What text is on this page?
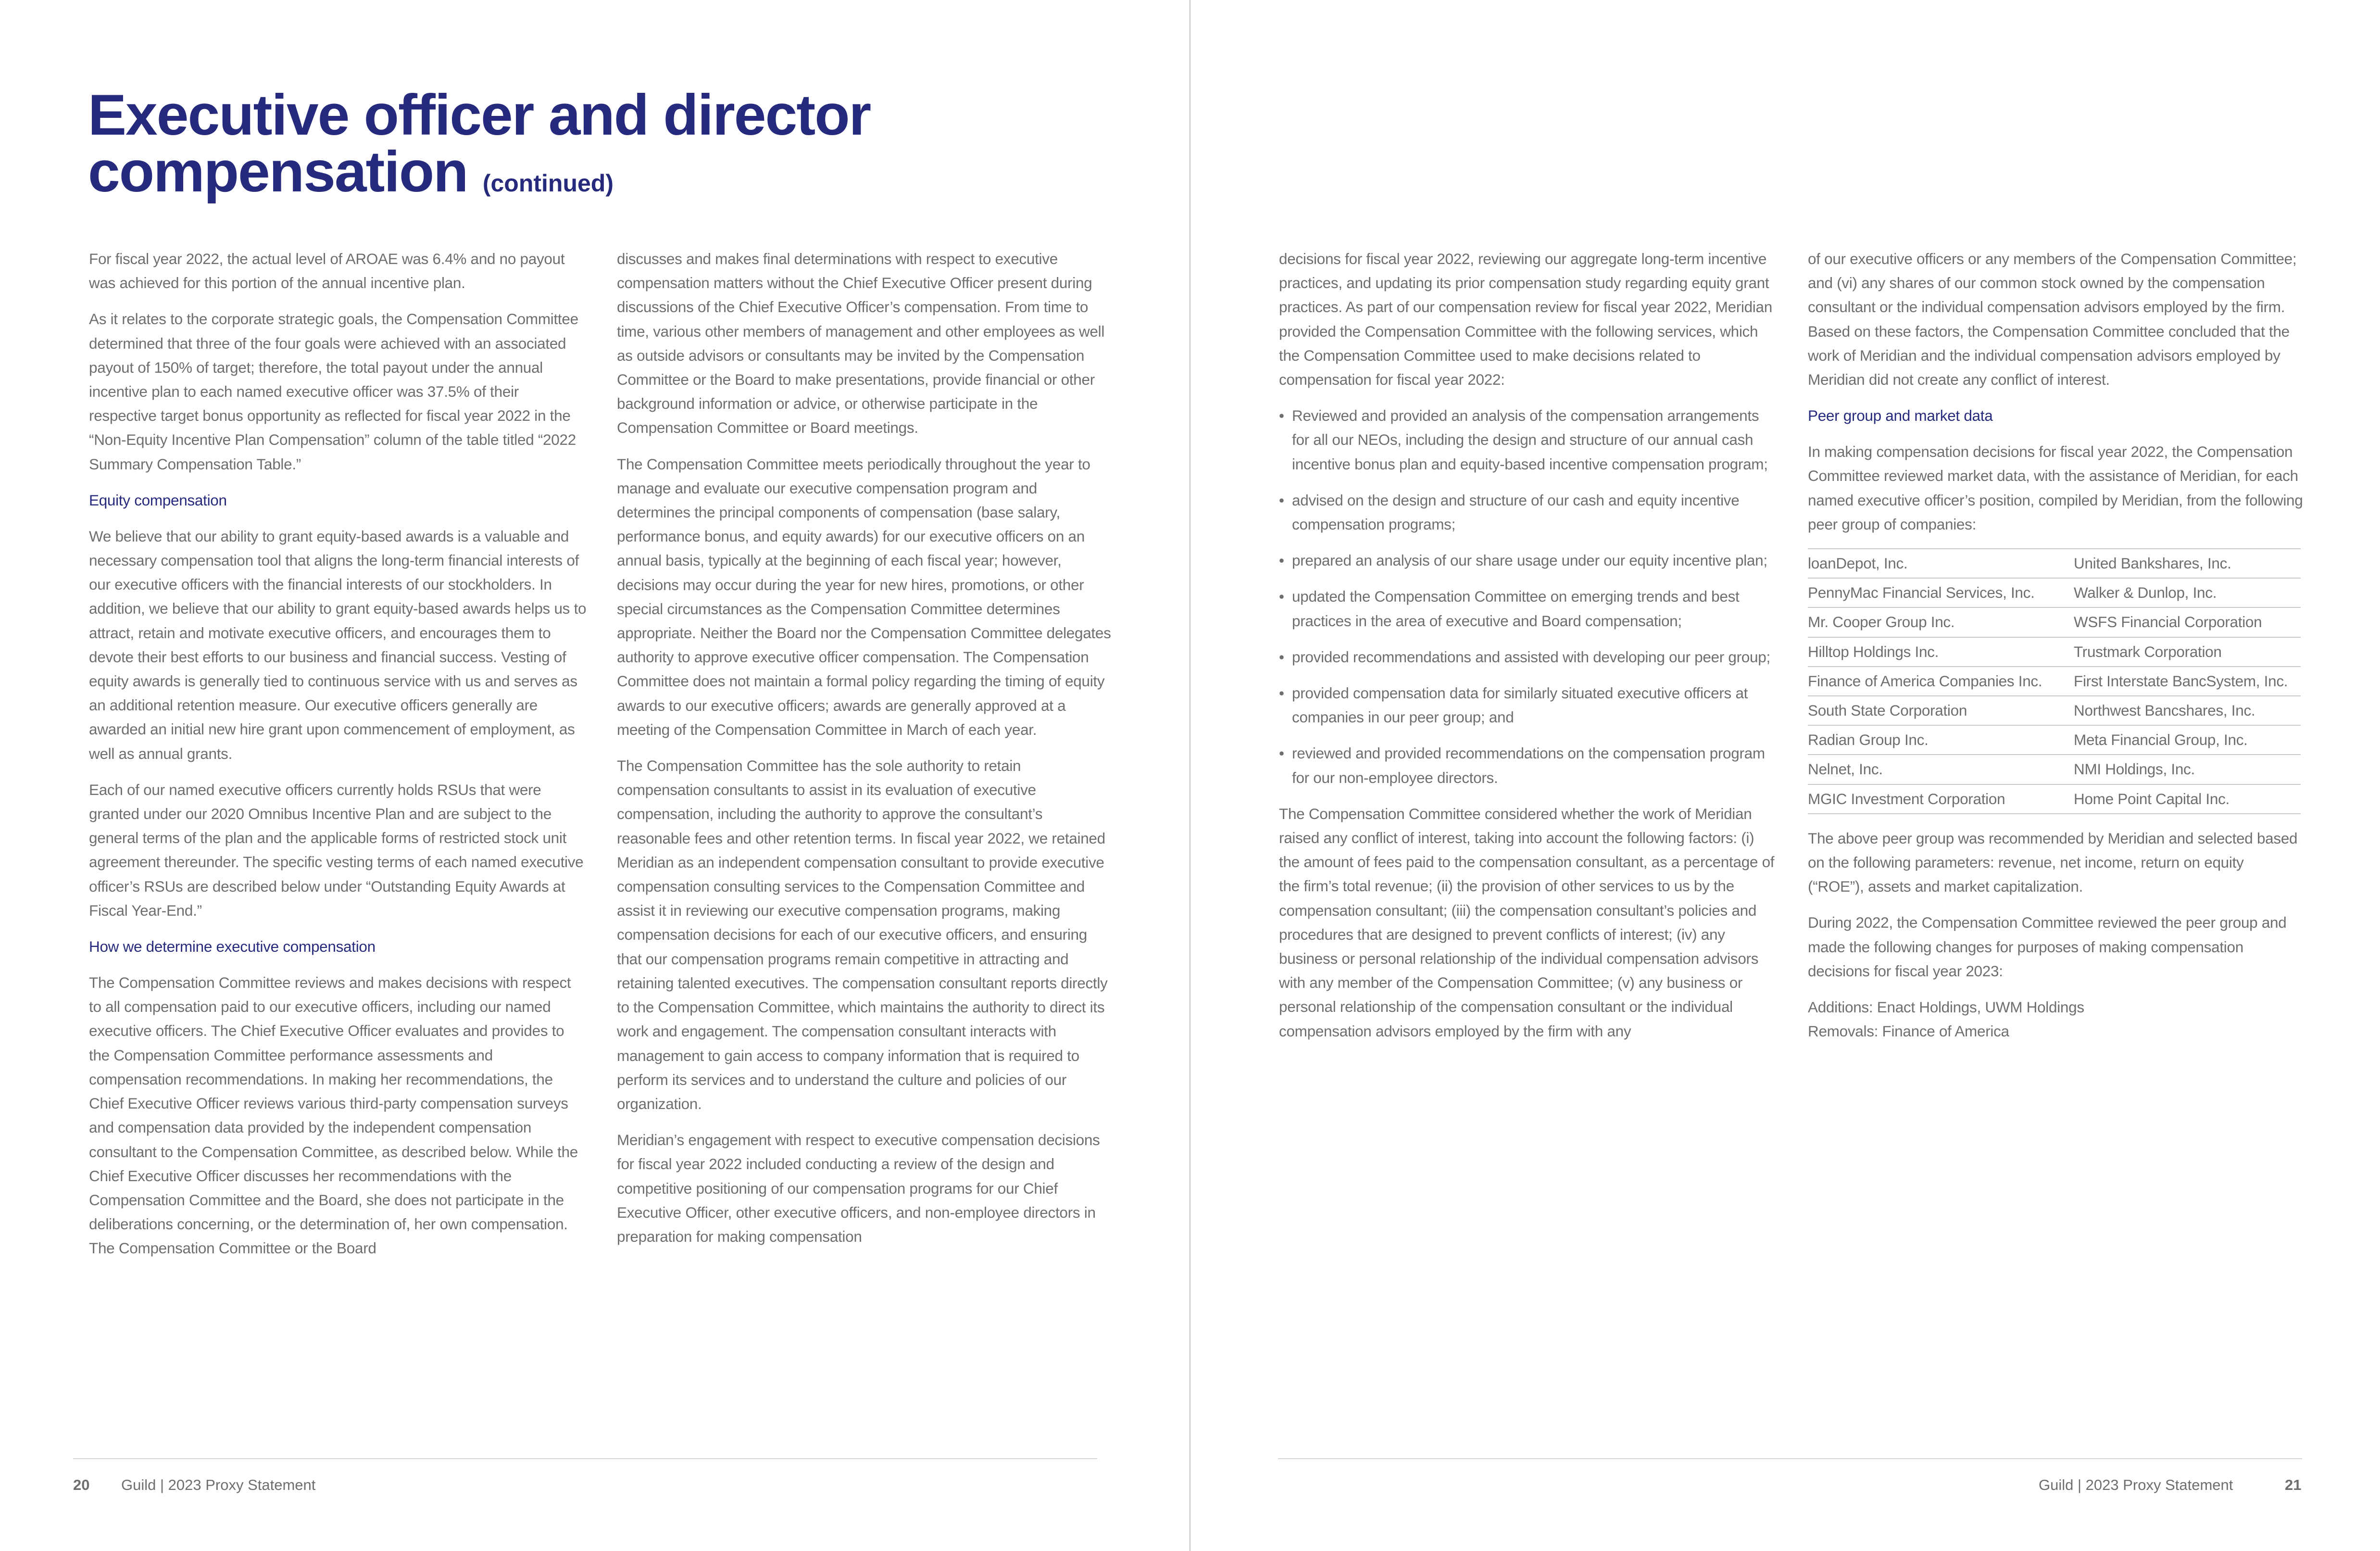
Executive officer and director
compensation (continued)

For fiscal year 2022, the actual level of AROAE was 6.4% and no payout was achieved for this portion of the annual incentive plan.

As it relates to the corporate strategic goals, the Compensation Committee determined that three of the four goals were achieved with an associated payout of 150% of target; therefore, the total payout under the annual incentive plan to each named executive officer was 37.5% of their respective target bonus opportunity as reflected for fiscal year 2022 in the “Non-Equity Incentive Plan Compensation” column of the table titled “2022 Summary Compensation Table.”

Equity compensation

We believe that our ability to grant equity-based awards is a valuable and necessary compensation tool that aligns the long-term financial interests of our executive officers with the financial interests of our stockholders. In addition, we believe that our ability to grant equity-based awards helps us to attract, retain and motivate executive officers, and encourages them to devote their best efforts to our business and financial success. Vesting of equity awards is generally tied to continuous service with us and serves as an additional retention measure. Our executive officers generally are awarded an initial new hire grant upon commencement of employment, as well as annual grants.

Each of our named executive officers currently holds RSUs that were granted under our 2020 Omnibus Incentive Plan and are subject to the general terms of the plan and the applicable forms of restricted stock unit agreement thereunder. The specific vesting terms of each named executive officer’s RSUs are described below under “Outstanding Equity Awards at Fiscal Year-End.”

How we determine executive compensation

The Compensation Committee reviews and makes decisions with respect to all compensation paid to our executive officers, including our named executive officers. The Chief Executive Officer evaluates and provides to the Compensation Committee performance assessments and compensation recommendations. In making her recommendations, the Chief Executive Officer reviews various third-party compensation surveys and compensation data provided by the independent compensation consultant to the Compensation Committee, as described below. While the Chief Executive Officer discusses her recommendations with the Compensation Committee and the Board, she does not participate in the deliberations concerning, or the determination of, her own compensation. The Compensation Committee or the Board

discusses and makes final determinations with respect to executive compensation matters without the Chief Executive Officer present during discussions of the Chief Executive Officer’s compensation. From time to time, various other members of management and other employees as well as outside advisors or consultants may be invited by the Compensation Committee or the Board to make presentations, provide financial or other background information or advice, or otherwise participate in the Compensation Committee or Board meetings.

The Compensation Committee meets periodically throughout the year to manage and evaluate our executive compensation program and determines the principal components of compensation (base salary, performance bonus, and equity awards) for our executive officers on an annual basis, typically at the beginning of each fiscal year; however, decisions may occur during the year for new hires, promotions, or other special circumstances as the Compensation Committee determines appropriate. Neither the Board nor the Compensation Committee delegates authority to approve executive officer compensation. The Compensation Committee does not maintain a formal policy regarding the timing of equity awards to our executive officers; awards are generally approved at a meeting of the Compensation Committee in March of each year.

The Compensation Committee has the sole authority to retain compensation consultants to assist in its evaluation of executive compensation, including the authority to approve the consultant’s reasonable fees and other retention terms. In fiscal year 2022, we retained Meridian as an independent compensation consultant to provide executive compensation consulting services to the Compensation Committee and assist it in reviewing our executive compensation programs, making compensation decisions for each of our executive officers, and ensuring that our compensation programs remain competitive in attracting and retaining talented executives. The compensation consultant reports directly to the Compensation Committee, which maintains the authority to direct its work and engagement. The compensation consultant interacts with management to gain access to company information that is required to perform its services and to understand the culture and policies of our organization.

Meridian’s engagement with respect to executive compensation decisions for fiscal year 2022 included conducting a review of the design and competitive positioning of our compensation programs for our Chief Executive Officer, other executive officers, and non-employee directors in preparation for making compensation

decisions for fiscal year 2022, reviewing our aggregate long-term incentive practices, and updating its prior compensation study regarding equity grant practices. As part of our compensation review for fiscal year 2022, Meridian provided the Compensation Committee with the following services, which the Compensation Committee used to make decisions related to compensation for fiscal year 2022:

• Reviewed and provided an analysis of the compensation arrangements for all our NEOs, including the design and structure of our annual cash incentive bonus plan and equity-based incentive compensation program;
• advised on the design and structure of our cash and equity incentive compensation programs;
• prepared an analysis of our share usage under our equity incentive plan;
• updated the Compensation Committee on emerging trends and best practices in the area of executive and Board compensation;
• provided recommendations and assisted with developing our peer group;
• provided compensation data for similarly situated executive officers at companies in our peer group; and
• reviewed and provided recommendations on the compensation program for our non-employee directors.

The Compensation Committee considered whether the work of Meridian raised any conflict of interest, taking into account the following factors: (i) the amount of fees paid to the compensation consultant, as a percentage of the firm’s total revenue; (ii) the provision of other services to us by the compensation consultant; (iii) the compensation consultant’s policies and procedures that are designed to prevent conflicts of interest; (iv) any business or personal relationship of the individual compensation advisors with any member of the Compensation Committee; (v) any business or personal relationship of the compensation consultant or the individual compensation advisors employed by the firm with any

of our executive officers or any members of the Compensation Committee; and (vi) any shares of our common stock owned by the compensation consultant or the individual compensation advisors employed by the firm. Based on these factors, the Compensation Committee concluded that the work of Meridian and the individual compensation advisors employed by Meridian did not create any conflict of interest.

Peer group and market data

In making compensation decisions for fiscal year 2022, the Compensation Committee reviewed market data, with the assistance of Meridian, for each named executive officer’s position, compiled by Meridian, from the following peer group of companies:

loanDepot, Inc.	United Bankshares, Inc.
PennyMac Financial Services, Inc.	Walker & Dunlop, Inc.
Mr. Cooper Group Inc.	WSFS Financial Corporation
Hilltop Holdings Inc.	Trustmark Corporation
Finance of America Companies Inc.	First Interstate BancSystem, Inc.
South State Corporation	Northwest Bancshares, Inc.
Radian Group Inc.	Meta Financial Group, Inc.
Nelnet, Inc.	NMI Holdings, Inc.
MGIC Investment Corporation	Home Point Capital Inc.

The above peer group was recommended by Meridian and selected based on the following parameters: revenue, net income, return on equity (“ROE”), assets and market capitalization.

During 2022, the Compensation Committee reviewed the peer group and made the following changes for purposes of making compensation decisions for fiscal year 2023:

Additions: Enact Holdings, UWM Holdings
Removals: Finance of America
20 Guild | 2023 Proxy Statement	Guild | 2023 Proxy Statement	21
